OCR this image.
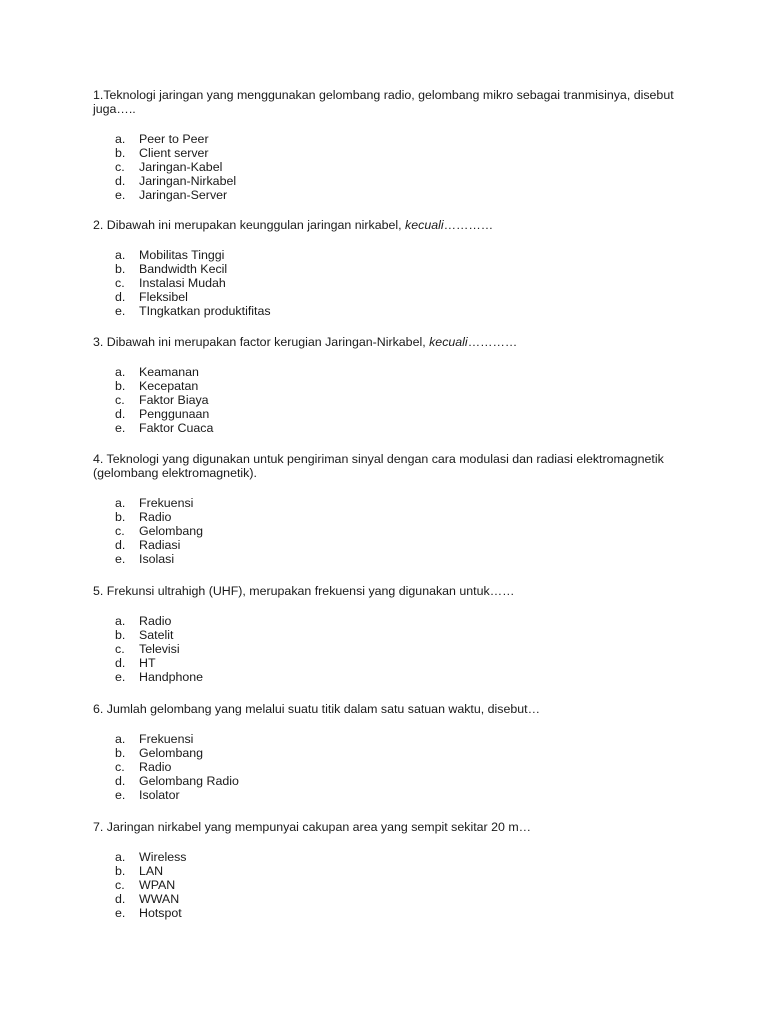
1.Teknologi jaringan yang menggunakan gelombang radio, gelombang mikro sebagai tranmisinya, disebut juga…..

a.	Peer to Peer
b.	Client server
c.	Jaringan-Kabel
d.	Jaringan-Nirkabel
e.	Jaringan-Server

2. Dibawah ini merupakan keunggulan jaringan nirkabel, kecuali…………

a.	Mobilitas Tinggi
b.	Bandwidth Kecil
c.	Instalasi Mudah
d.	Fleksibel
e.	TIngkatkan produktifitas

3. Dibawah ini merupakan factor kerugian Jaringan-Nirkabel, kecuali…………

a.	Keamanan
b.	Kecepatan
c.	Faktor Biaya
d.	Penggunaan
e.	Faktor Cuaca

4. Teknologi yang digunakan untuk pengiriman sinyal dengan cara modulasi dan radiasi elektromagnetik (gelombang elektromagnetik).

a.	Frekuensi
b.	Radio
c.	Gelombang
d.	Radiasi
e.	Isolasi

5. Frekunsi ultrahigh (UHF), merupakan frekuensi yang digunakan untuk……

a.	Radio
b.	Satelit
c.	Televisi
d.	HT
e.	Handphone

6. Jumlah gelombang yang melalui suatu titik dalam satu satuan waktu, disebut…

a.	Frekuensi
b.	Gelombang
c.	Radio
d.	Gelombang Radio
e.	Isolator

7. Jaringan nirkabel yang mempunyai cakupan area yang sempit sekitar 20 m…

a.	Wireless
b.	LAN
c.	WPAN
d.	WWAN
e.	Hotspot
